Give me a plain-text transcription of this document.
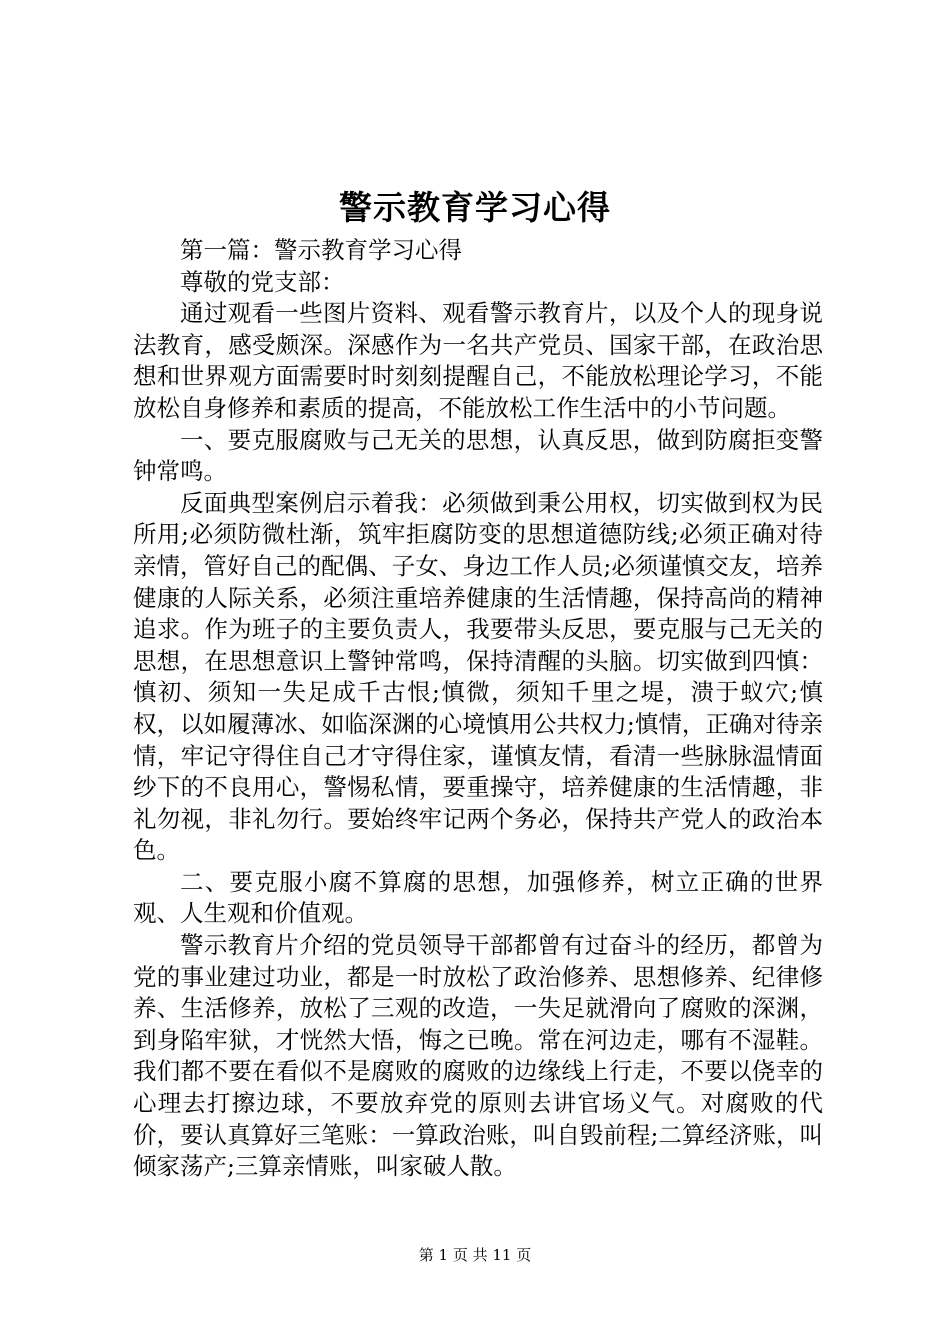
警示教育学习心得

第一篇：警示教育学习心得

尊敬的党支部：

通过观看一些图片资料、观看警示教育片，以及个人的现身说法教育，感受颇深。深感作为一名共产党员、国家干部，在政治思想和世界观方面需要时时刻刻提醒自己，不能放松理论学习，不能放松自身修养和素质的提高，不能放松工作生活中的小节问题。

一、要克服腐败与己无关的思想，认真反思，做到防腐拒变警钟常鸣。

反面典型案例启示着我：必须做到秉公用权，切实做到权为民所用;必须防微杜渐，筑牢拒腐防变的思想道德防线;必须正确对待亲情，管好自己的配偶、子女、身边工作人员;必须谨慎交友，培养健康的人际关系，必须注重培养健康的生活情趣，保持高尚的精神追求。作为班子的主要负责人，我要带头反思，要克服与己无关的思想，在思想意识上警钟常鸣，保持清醒的头脑。切实做到四慎：慎初、须知一失足成千古恨;慎微，须知千里之堤，溃于蚁穴;慎权，以如履薄冰、如临深渊的心境慎用公共权力;慎情，正确对待亲情，牢记守得住自己才守得住家，谨慎友情，看清一些脉脉温情面纱下的不良用心，警惕私情，要重操守，培养健康的生活情趣，非礼勿视，非礼勿行。要始终牢记两个务必，保持共产党人的政治本色。

二、要克服小腐不算腐的思想，加强修养，树立正确的世界观、人生观和价值观。

警示教育片介绍的党员领导干部都曾有过奋斗的经历，都曾为党的事业建过功业，都是一时放松了政治修养、思想修养、纪律修养、生活修养，放松了三观的改造，一失足就滑向了腐败的深渊，到身陷牢狱，才恍然大悟，悔之已晚。常在河边走，哪有不湿鞋。我们都不要在看似不是腐败的腐败的边缘线上行走，不要以侥幸的心理去打擦边球，不要放弃党的原则去讲官场义气。对腐败的代价，要认真算好三笔账：一算政治账，叫自毁前程;二算经济账，叫倾家荡产;三算亲情账，叫家破人散。

第 1 页 共 11 页
